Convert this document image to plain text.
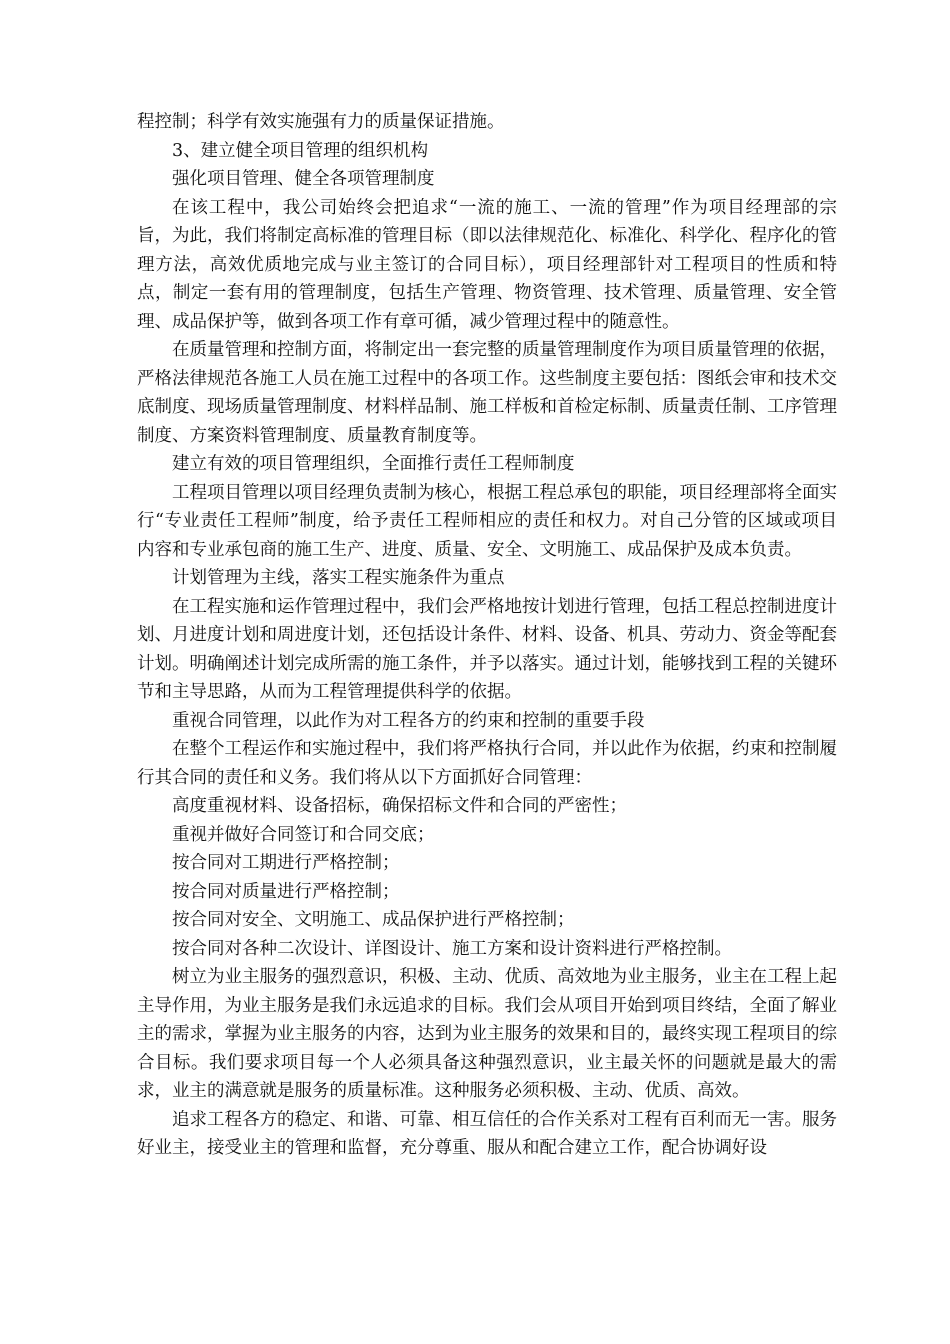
程控制；科学有效实施强有力的质量保证措施。

3、建立健全项目管理的组织机构

强化项目管理、健全各项管理制度

在该工程中，我公司始终会把追求“一流的施工、一流的管理”作为项目经理部的宗旨，为此，我们将制定高标准的管理目标（即以法律规范化、标准化、科学化、程序化的管理方法，高效优质地完成与业主签订的合同目标），项目经理部针对工程项目的性质和特点，制定一套有用的管理制度，包括生产管理、物资管理、技术管理、质量管理、安全管理、成品保护等，做到各项工作有章可循，减少管理过程中的随意性。

在质量管理和控制方面，将制定出一套完整的质量管理制度作为项目质量管理的依据，严格法律规范各施工人员在施工过程中的各项工作。这些制度主要包括：图纸会审和技术交底制度、现场质量管理制度、材料样品制、施工样板和首检定标制、质量责任制、工序管理制度、方案资料管理制度、质量教育制度等。

建立有效的项目管理组织，全面推行责任工程师制度

工程项目管理以项目经理负责制为核心，根据工程总承包的职能，项目经理部将全面实行“专业责任工程师”制度，给予责任工程师相应的责任和权力。对自己分管的区域或项目内容和专业承包商的施工生产、进度、质量、安全、文明施工、成品保护及成本负责。

计划管理为主线，落实工程实施条件为重点

在工程实施和运作管理过程中，我们会严格地按计划进行管理，包括工程总控制进度计划、月进度计划和周进度计划，还包括设计条件、材料、设备、机具、劳动力、资金等配套计划。明确阐述计划完成所需的施工条件，并予以落实。通过计划，能够找到工程的关键环节和主导思路，从而为工程管理提供科学的依据。

重视合同管理，以此作为对工程各方的约束和控制的重要手段

在整个工程运作和实施过程中，我们将严格执行合同，并以此作为依据，约束和控制履行其合同的责任和义务。我们将从以下方面抓好合同管理：

高度重视材料、设备招标，确保招标文件和合同的严密性；

重视并做好合同签订和合同交底；

按合同对工期进行严格控制；

按合同对质量进行严格控制；

按合同对安全、文明施工、成品保护进行严格控制；

按合同对各种二次设计、详图设计、施工方案和设计资料进行严格控制。

树立为业主服务的强烈意识，积极、主动、优质、高效地为业主服务，业主在工程上起主导作用，为业主服务是我们永远追求的目标。我们会从项目开始到项目终结，全面了解业主的需求，掌握为业主服务的内容，达到为业主服务的效果和目的，最终实现工程项目的综合目标。我们要求项目每一个人必须具备这种强烈意识，业主最关怀的问题就是最大的需求，业主的满意就是服务的质量标准。这种服务必须积极、主动、优质、高效。

追求工程各方的稳定、和谐、可靠、相互信任的合作关系对工程有百利而无一害。服务好业主，接受业主的管理和监督，充分尊重、服从和配合建立工作，配合协调好设
